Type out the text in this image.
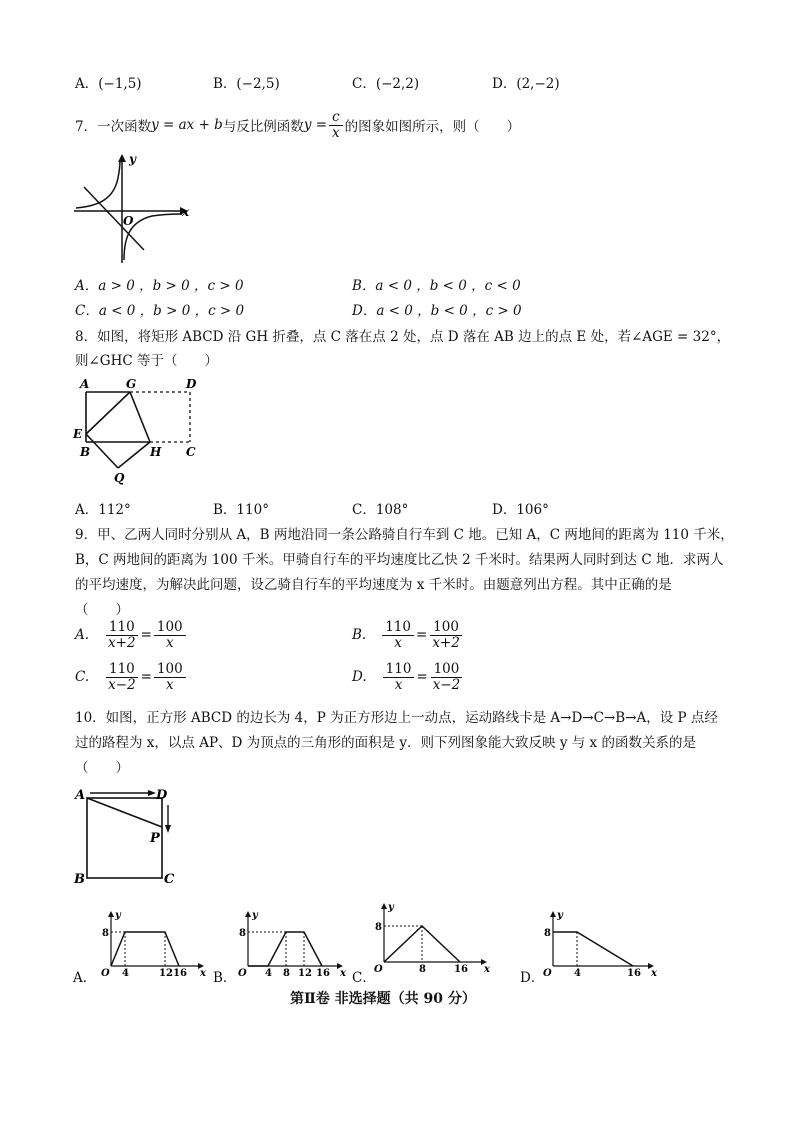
A．(−1,5)	B．(−2,5)	C．(−2,2)	D．(2,−2)
7．一次函数 y = ax + b 与反比例函数 $y = \frac{c}{x}$ 的图象如图所示，则（　　）
y
x
O
A．a > 0 ，b > 0 ，c > 0	B．a < 0 ，b < 0 ，c < 0
C．a < 0 ，b > 0 ，c > 0	D．a < 0 ，b < 0 ，c > 0
8．如图，将矩形 ABCD 沿 GH 折叠，点 C 落在点 2 处，点 D 落在 AB 边上的点 E 处，若∠AGE = 32°，
则∠GHC 等于（　　）
A	G	D
E
B	H C
Q
A．112°	B．110°	C．108°	D．106°
9．甲、乙两人同时分别从 A，B 两地沿同一条公路骑自行车到 C 地。已知 A，C 两地间的距离为 110 千米，
B，C 两地间的距离为 100 千米。甲骑自行车的平均速度比乙快 2 千米时。结果两人同时到达 C 地．求两人
的平均速度，为解决此问题，设乙骑自行车的平均速度为 x 千米时。由题意列出方程。其中正确的是
（　　）
A. $\frac{110}{x+2} = \frac{100}{x}$	B. $\frac{110}{x} = \frac{100}{x+2}$
C. $\frac{110}{x-2} = \frac{100}{x}$	D. $\frac{110}{x} = \frac{100}{x-2}$
10．如图，正方形 ABCD 的边长为 4，P 为正方形边上一动点，运动路线卡是 A→D→C→B→A，设 P 点经
过的路程为 x，以点 AP、D 为顶点的三角形的面积是 y．则下列图象能大致反映 y 与 x 的函数关系的是
（　　）
A	D
P
B	C
A．
y
x
O
8
4	12 16 B．
y
x
O
8
4 8 12 16 C．
y
x
O
8
8	16
D．
y
x
O
8
4	16
第Ⅱ卷 非选择题（共 90 分）
